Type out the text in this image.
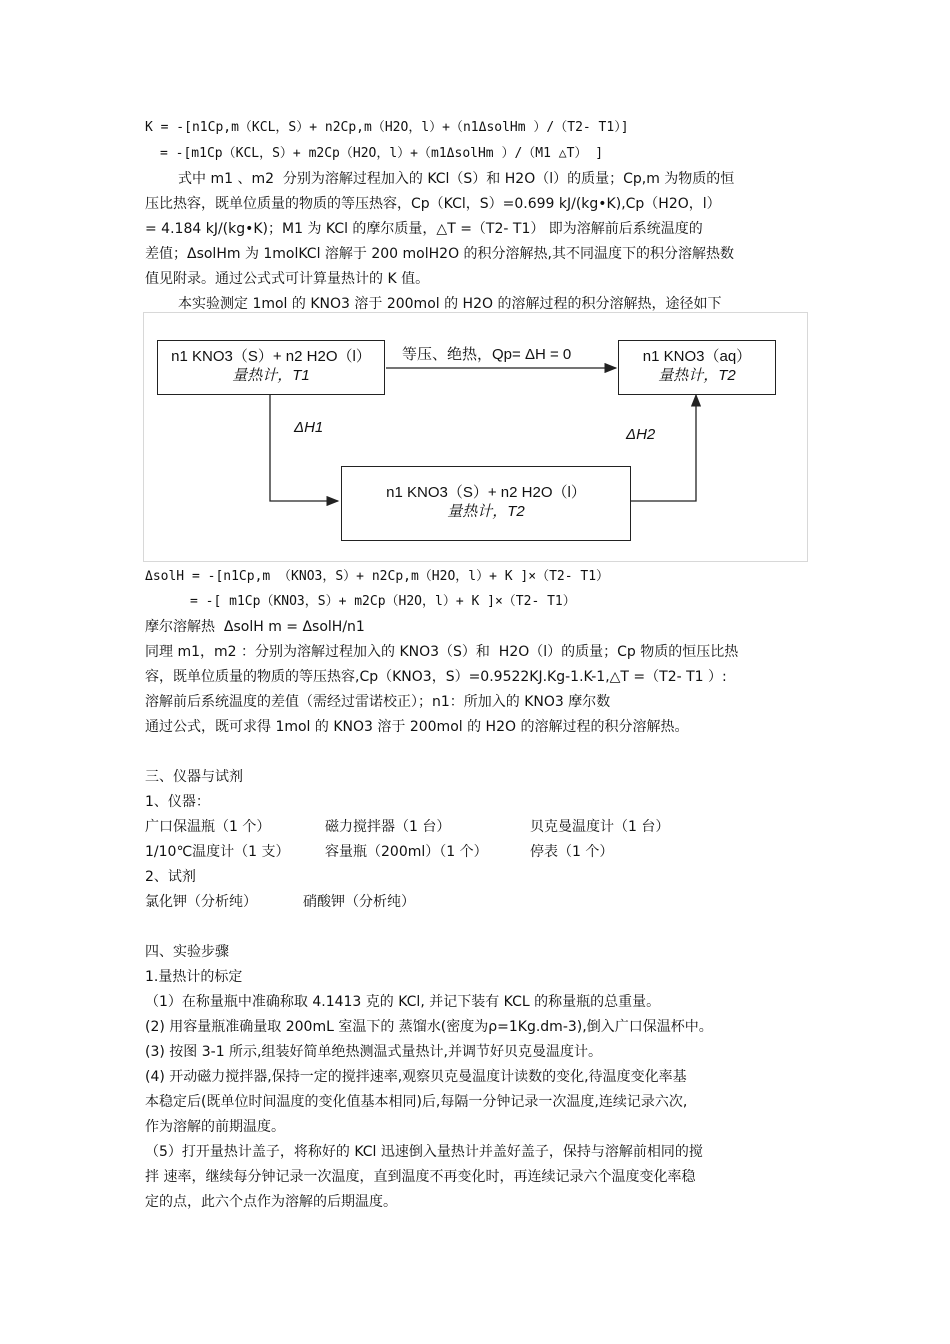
K = -[n1Cp,m（KCL，S）+ n2Cp,m（H2O，l）+（n1ΔsolHm ）/（T2- T1）]
= -[m1Cp（KCL，S）+ m2Cp（H2O，l）+（m1ΔsolHm ）/（M1 △T） ]
式中 m1 、m2  分别为溶解过程加入的 KCl（S）和 H2O（l）的质量；Cp,m 为物质的恒
压比热容，既单位质量的物质的等压热容，Cp（KCl，S）=0.699 kJ/(kg•K),Cp（H2O，l）
= 4.184 kJ/(kg•K)；M1 为 KCl 的摩尔质量，△T =（T2- T1） 即为溶解前后系统温度的
差值；ΔsolHm 为 1molKCl 溶解于 200 molH2O 的积分溶解热,其不同温度下的积分溶解热数
值见附录。通过公式式可计算量热计的 K 值。
本实验测定 1mol 的 KNO3 溶于 200mol 的 H2O 的溶解过程的积分溶解热，途径如下
n1 KNO3（S）+ n2 H2O（l）
量热计，T1
n1 KNO3（aq）
量热计，T2
n1 KNO3（S）+ n2 H2O（l）
量热计，T2
等压、绝热，Qp= ΔH = 0
ΔH1	ΔH2
ΔsolH = -[n1Cp,m （KNO3，S）+ n2Cp,m（H2O，l）+ K ]×（T2- T1）
= -[ m1Cp（KNO3，S）+ m2Cp（H2O，l）+ K ]×（T2- T1）
摩尔溶解热  ΔsolH m = ΔsolH/n1
同理 m1，m2 ：分别为溶解过程加入的 KNO3（S）和  H2O（l）的质量；Cp 物质的恒压比热
容，既单位质量的物质的等压热容,Cp（KNO3，S）=0.9522KJ.Kg-1.K-1,△T =（T2- T1 ）:
溶解前后系统温度的差值（需经过雷诺校正）；n1：所加入的 KNO3 摩尔数
通过公式，既可求得 1mol 的 KNO3 溶于 200mol 的 H2O 的溶解过程的积分溶解热。
三、仪器与试剂
1、仪器：
广口保温瓶（1 个）	磁力搅拌器（1 台）	贝克曼温度计（1 台）
1/10℃温度计（1 支）	容量瓶（200ml）（1 个）	停表（1 个）
2、试剂
氯化钾（分析纯）	硝酸钾（分析纯）
四、实验步骤
1.量热计的标定
（1）在称量瓶中准确称取 4.1413 克的 KCl, 并记下装有 KCL 的称量瓶的总重量。
(2) 用容量瓶准确量取 200mL 室温下的 蒸馏水(密度为ρ=1Kg.dm-3),倒入广口保温杯中。
(3) 按图 3-1 所示,组装好简单绝热测温式量热计,并调节好贝克曼温度计。
(4) 开动磁力搅拌器,保持一定的搅拌速率,观察贝克曼温度计读数的变化,待温度变化率基
本稳定后(既单位时间温度的变化值基本相同)后,每隔一分钟记录一次温度,连续记录六次,
作为溶解的前期温度。
（5）打开量热计盖子，将称好的 KCl 迅速倒入量热计并盖好盖子，保持与溶解前相同的搅
拌 速率，继续每分钟记录一次温度，直到温度不再变化时，再连续记录六个温度变化率稳
定的点，此六个点作为溶解的后期温度。
